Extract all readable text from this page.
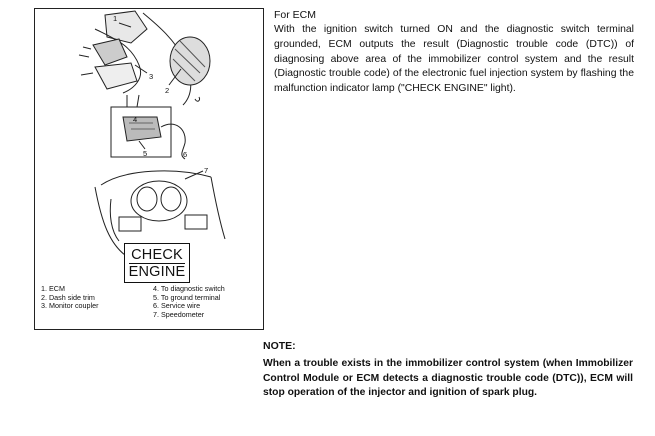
1
2
3
4
5	6
7
CHECK
ENGINE
1. ECM
2. Dash side trim
3. Monitor coupler
4. To diagnostic switch
5. To ground terminal
6. Service wire
7. Speedometer
For ECM
With the ignition switch turned ON and the diagnostic switch terminal grounded, ECM outputs the result (Diagnostic trouble code (DTC)) of diagnosing above area of the immobilizer control system and the result (Diagnostic trouble code) of the electronic fuel injection system by flashing the malfunction indicator lamp ("CHECK ENGINE" light).
NOTE:
When a trouble exists in the immobilizer control system (when Immobilizer Control Module or ECM detects a diagnostic trouble code (DTC)), ECM will stop operation of the injector and ignition of spark plug.
